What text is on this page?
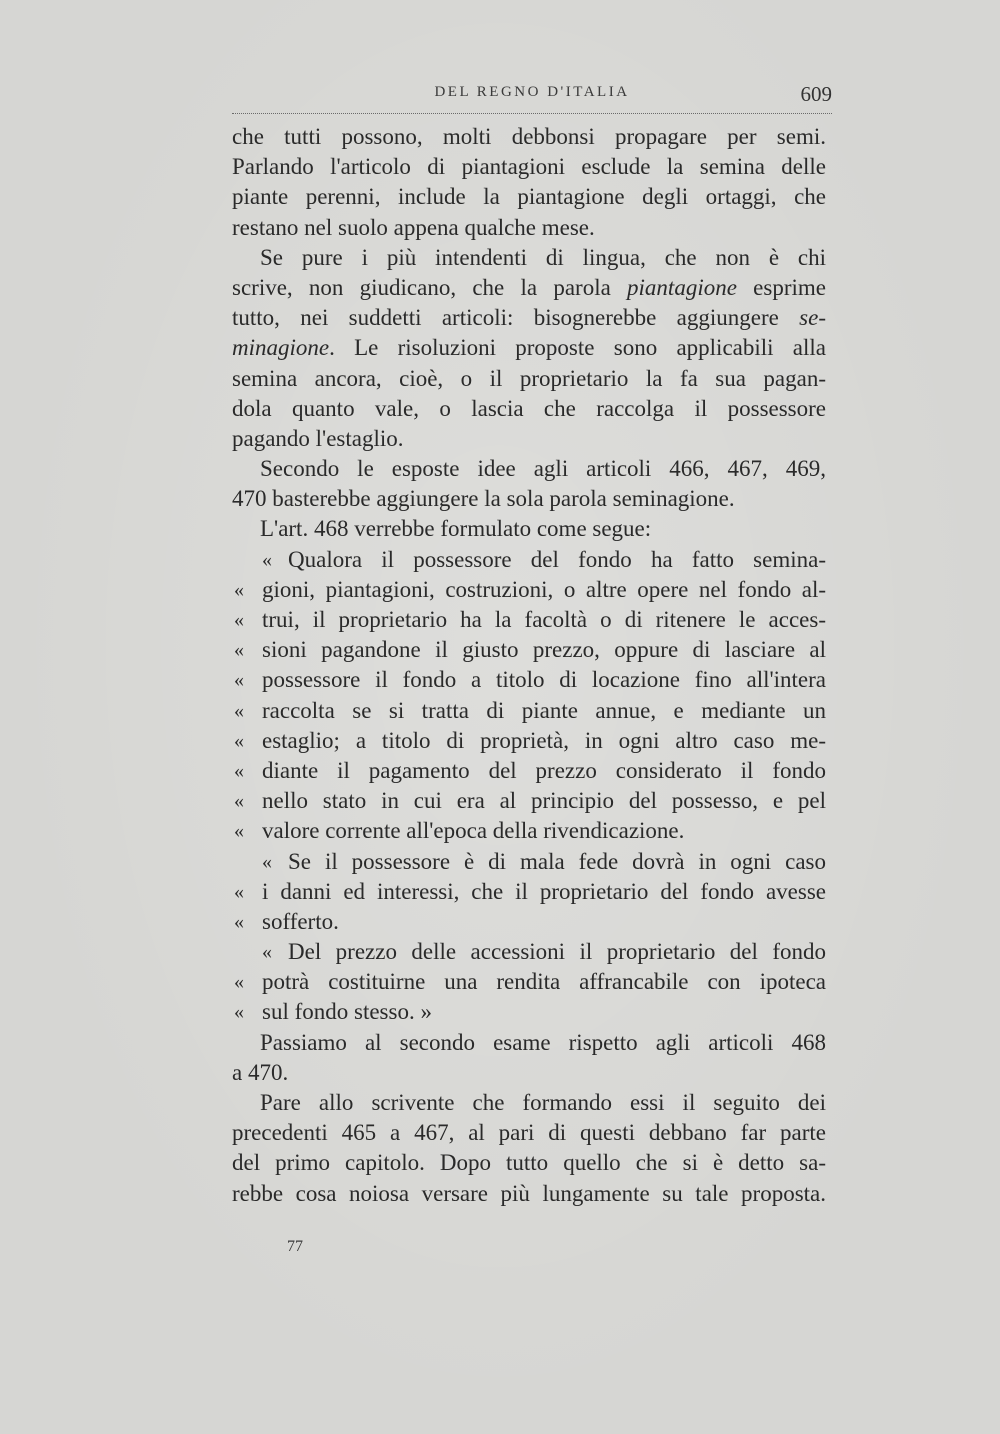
DEL REGNO D'ITALIA	609
che tutti possono, molti debbonsi propagare per semi.
Parlando l'articolo di piantagioni esclude la semina delle
piante perenni, include la piantagione degli ortaggi, che
restano nel suolo appena qualche mese.
Se pure i più intendenti di lingua, che non è chi
scrive, non giudicano, che la parola piantagione esprime
tutto, nei suddetti articoli: bisognerebbe aggiungere se-
minagione. Le risoluzioni proposte sono applicabili alla
semina ancora, cioè, o il proprietario la fa sua pagan-
dola quanto vale, o lascia che raccolga il possessore
pagando l'estaglio.
Secondo le esposte idee agli articoli 466, 467, 469,
470 basterebbe aggiungere la sola parola seminagione.
L'art. 468 verrebbe formulato come segue:
« Qualora il possessore del fondo ha fatto semina-
« gioni, piantagioni, costruzioni, o altre opere nel fondo al-
« trui, il proprietario ha la facoltà o di ritenere le acces-
« sioni pagandone il giusto prezzo, oppure di lasciare al
« possessore il fondo a titolo di locazione fino all'intera
« raccolta se si tratta di piante annue, e mediante un
« estaglio; a titolo di proprietà, in ogni altro caso me-
« diante il pagamento del prezzo considerato il fondo
« nello stato in cui era al principio del possesso, e pel
« valore corrente all'epoca della rivendicazione.
« Se il possessore è di mala fede dovrà in ogni caso
« i danni ed interessi, che il proprietario del fondo avesse
« sofferto.
« Del prezzo delle accessioni il proprietario del fondo
« potrà costituirne una rendita affrancabile con ipoteca
« sul fondo stesso. »
Passiamo al secondo esame rispetto agli articoli 468
a 470.
Pare allo scrivente che formando essi il seguito dei
precedenti 465 a 467, al pari di questi debbano far parte
del primo capitolo. Dopo tutto quello che si è detto sa-
rebbe cosa noiosa versare più lungamente su tale proposta.
77
